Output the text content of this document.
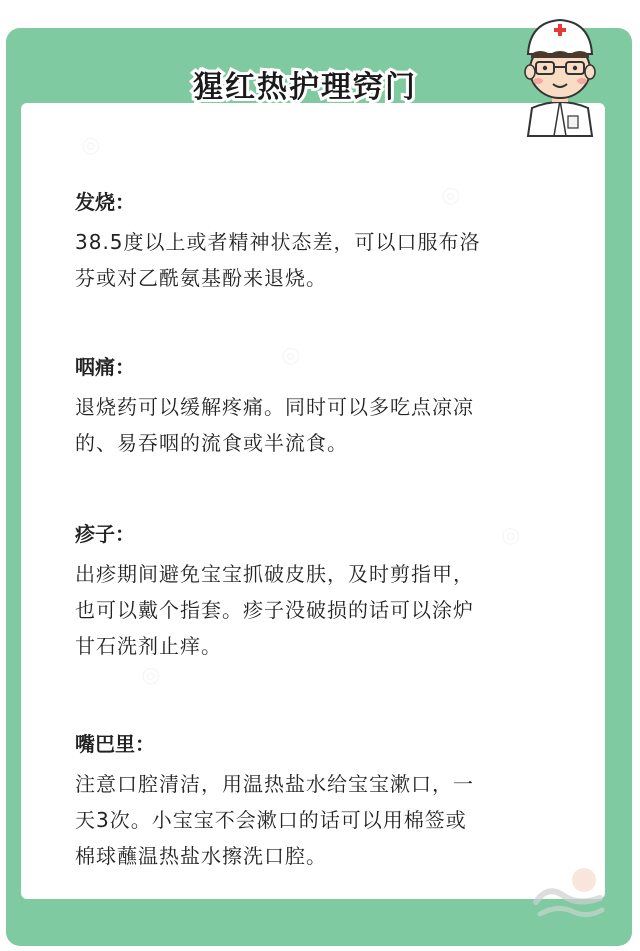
猩红热护理窍门
发烧：
38.5度以上或者精神状态差，可以口服布洛
芬或对乙酰氨基酚来退烧。
咽痛：
退烧药可以缓解疼痛。同时可以多吃点凉凉
的、易吞咽的流食或半流食。
疹子：
出疹期间避免宝宝抓破皮肤，及时剪指甲，
也可以戴个指套。疹子没破损的话可以涂炉
甘石洗剂止痒。
嘴巴里：
注意口腔清洁，用温热盐水给宝宝漱口，一
天3次。小宝宝不会漱口的话可以用棉签或
棉球蘸温热盐水擦洗口腔。
